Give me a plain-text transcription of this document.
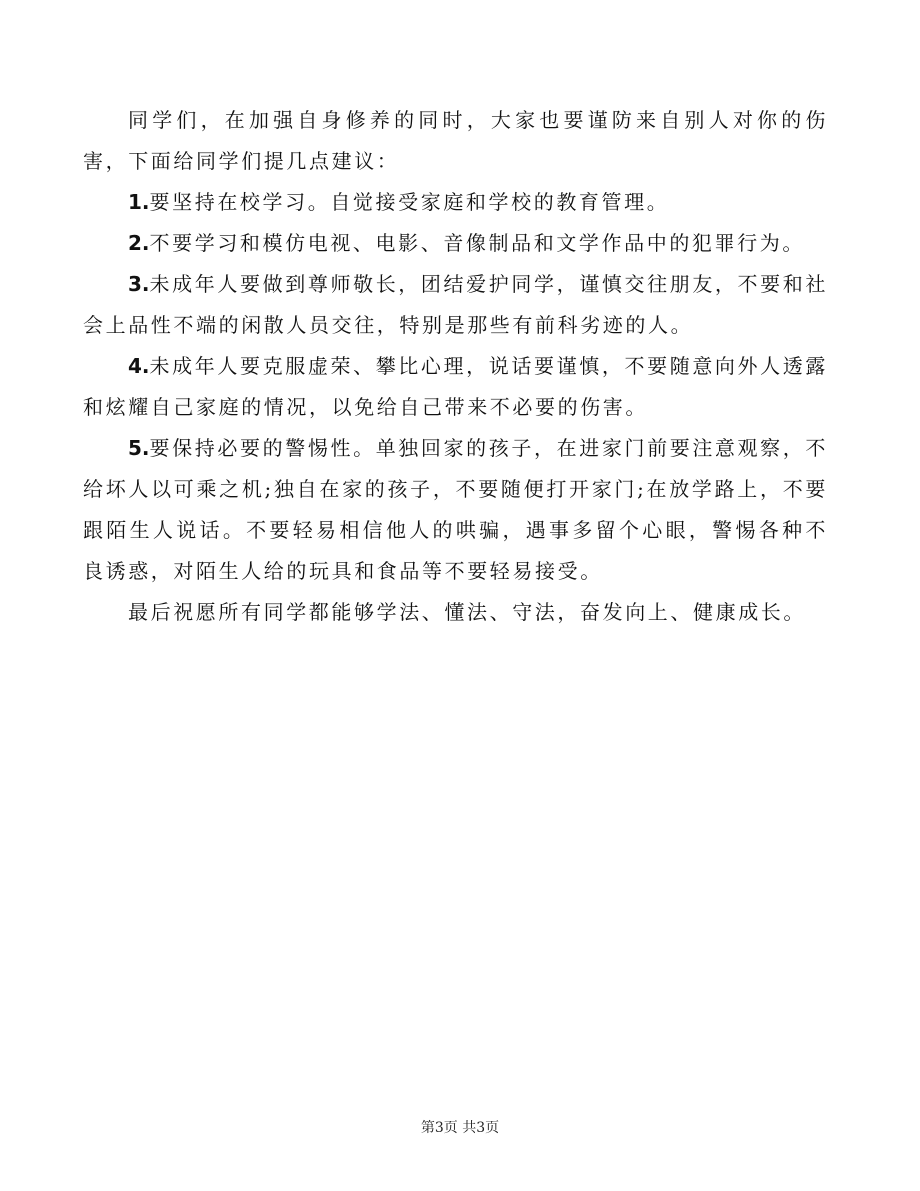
同学们，在加强自身修养的同时，大家也要谨防来自别人对你的伤害，下面给同学们提几点建议：

1.要坚持在校学习。自觉接受家庭和学校的教育管理。

2.不要学习和模仿电视、电影、音像制品和文学作品中的犯罪行为。

3.未成年人要做到尊师敬长，团结爱护同学，谨慎交往朋友，不要和社会上品性不端的闲散人员交往，特别是那些有前科劣迹的人。

4.未成年人要克服虚荣、攀比心理，说话要谨慎，不要随意向外人透露和炫耀自己家庭的情况，以免给自己带来不必要的伤害。

5.要保持必要的警惕性。单独回家的孩子，在进家门前要注意观察，不给坏人以可乘之机;独自在家的孩子，不要随便打开家门;在放学路上，不要跟陌生人说话。不要轻易相信他人的哄骗，遇事多留个心眼，警惕各种不良诱惑，对陌生人给的玩具和食品等不要轻易接受。

最后祝愿所有同学都能够学法、懂法、守法，奋发向上、健康成长。

第3页 共3页
